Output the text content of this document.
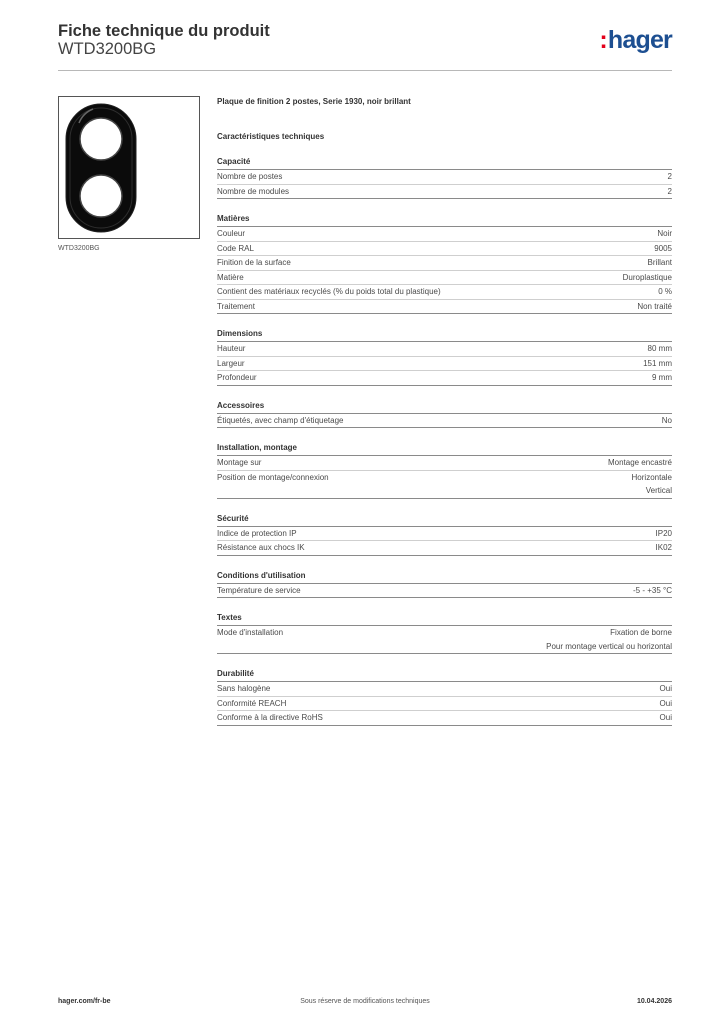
Fiche technique du produit
WTD3200BG	:hager
WTD3200BG
Plaque de finition 2 postes, Serie 1930, noir brillant
Caractéristiques techniques
Capacité
Nombre de postes	2
Nombre de modules	2
Matières
Couleur	Noir
Code RAL	9005
Finition de la surface	Brillant
Matière	Duroplastique
Contient des matériaux recyclés (% du poids total du plastique)	0 %
Traitement	Non traité
Dimensions
Hauteur	80 mm
Largeur	151 mm
Profondeur	9 mm
Accessoires
Étiquetés, avec champ d'étiquetage	No
Installation, montage
Montage sur	Montage encastré
Position de montage/connexion	Horizontale
Vertical
Sécurité
Indice de protection IP	IP20
Résistance aux chocs IK	IK02
Conditions d'utilisation
Température de service	-5 - +35 °C
Textes
Mode d'installation	Fixation de borne
Pour montage vertical ou horizontal
Durabilité
Sans halogène	Oui
Conformité REACH	Oui
Conforme à la directive RoHS	Oui
hager.com/fr-be	Sous réserve de modifications techniques	10.04.2026
